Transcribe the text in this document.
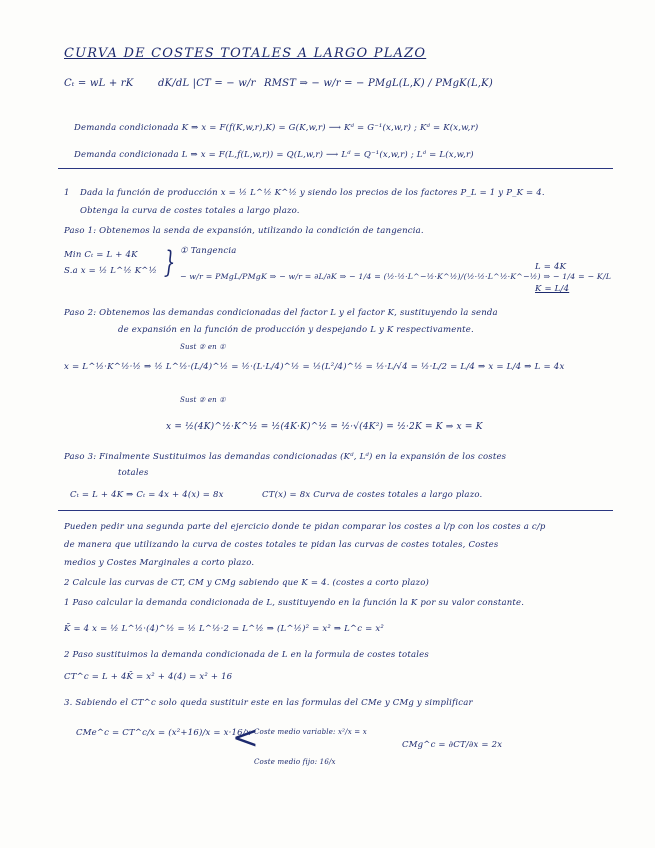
CURVA DE COSTES TOTALES A LARGO PLAZO
Cₜ = wL + rK dK/dL |CT = − w/r RMST ⇒ − w/r = − PMgL(L,K) / PMgK(L,K)
Demanda condicionada K ⇒ x = F(f(K,w,r),K) = G(K,w,r) ⟶ Kᵈ = G⁻¹(x,w,r) ; Kᵈ = K(x,w,r)
Demanda condicionada L ⇒ x = F(L,f(L,w,r)) = Q(L,w,r) ⟶ Lᵈ = Q⁻¹(x,w,r) ; Lᵈ = L(x,w,r)
1 Dada la función de producción x = ½ L^½ K^½ y siendo los precios de los factores P_L = 1 y P_K = 4.
Obtenga la curva de costes totales a largo plazo.
Paso 1: Obtenemos la senda de expansión, utilizando la condición de tangencia.
Min Cₜ = L + 4K
S.a x = ½ L^½ K^½ } ① Tangencia
− w/r = PMgL/PMgK ⇒ − w/r = ∂L/∂K ⇒ − 1/4 = (½·½·L^−½·K^½)/(½·½·L^½·K^−½) ⇒ − 1/4 = − K/L
L = 4K
K = L/4
Paso 2: Obtenemos las demandas condicionadas del factor L y el factor K, sustituyendo la senda
de expansión en la función de producción y despejando L y K respectivamente.
Sust ② en ①
x = L^½·K^½·½ ⇒ ½ L^½·(L/4)^½ = ½·(L·L/4)^½ = ½(L²/4)^½ = ½·L/√4 = ½·L/2 = L/4 ⇒ x = L/4 ⇒ L = 4x
Sust ② en ①
x = ½(4K)^½·K^½ = ½(4K·K)^½ = ½·√(4K²) = ½·2K = K ⇒ x = K
Paso 3: Finalmente Sustituimos las demandas condicionadas (Kᵈ, Lᵈ) en la expansión de los costes
totales
Cₜ = L + 4K ⇒ Cₜ = 4x + 4(x) = 8x	CT(x) = 8x Curva de costes totales a largo plazo.
Pueden pedir una segunda parte del ejercicio donde te pidan comparar los costes a l/p con los costes a c/p
de manera que utilizando la curva de costes totales te pidan las curvas de costes totales, Costes
medios y Costes Marginales a corto plazo.
2 Calcule las curvas de CT, CM y CMg sabiendo que K = 4. (costes a corto plazo)
1 Paso calcular la demanda condicionada de L, sustituyendo en la función la K por su valor constante.
K̄ = 4 x = ½ L^½·(4)^½ = ½ L^½·2 = L^½ ⇒ (L^½)² = x² ⇒ L^c = x²
2 Paso sustituimos la demanda condicionada de L en la formula de costes totales
CT^c = L + 4K̄ = x² + 4(4) = x² + 16
3. Sabiendo el CT^c solo queda sustituir este en las formulas del CMe y CMg y simplificar
CMe^c = CT^c/x = (x²+16)/x = x·16/x
<
Coste medio variable: x²/x = x
Coste medio fijo: 16/x
CMg^c = ∂CT/∂x = 2x
